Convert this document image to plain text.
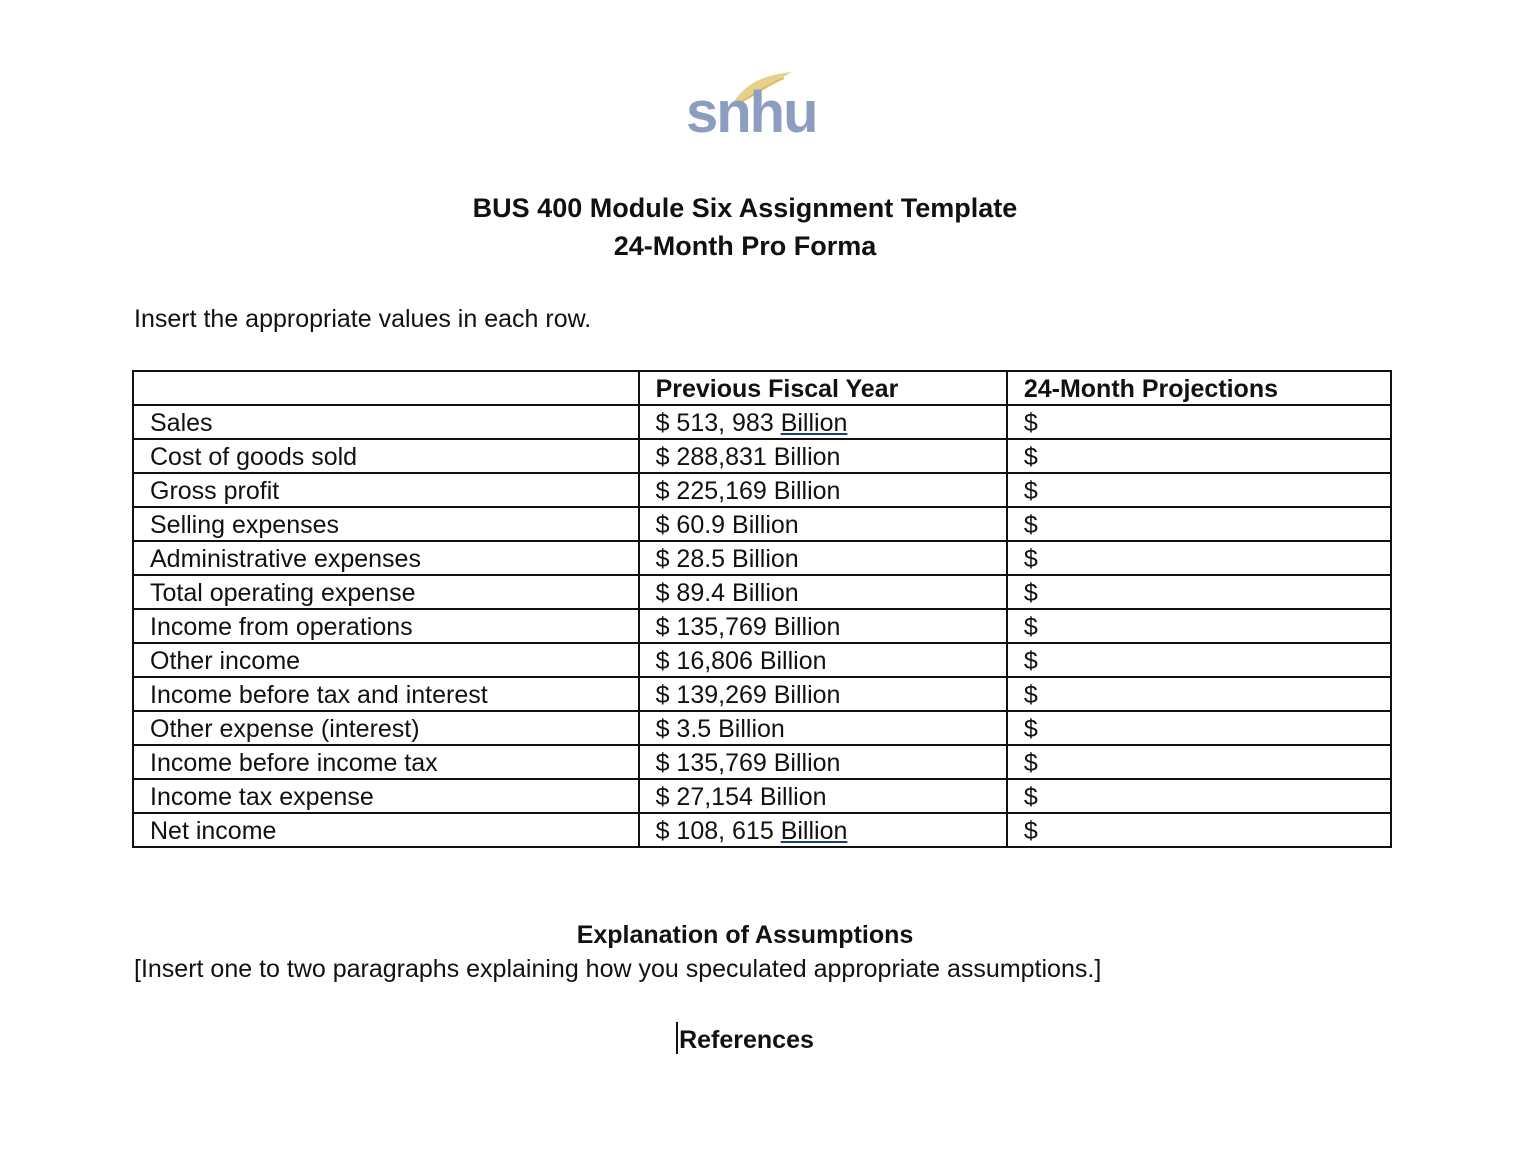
snhu
BUS 400 Module Six Assignment Template
24-Month Pro Forma
Insert the appropriate values in each row.
	Previous Fiscal Year	24-Month Projections
Sales	$ 513, 983 Billion	$
Cost of goods sold	$ 288,831 Billion	$
Gross profit	$ 225,169 Billion	$
Selling expenses	$ 60.9 Billion	$
Administrative expenses	$ 28.5 Billion	$
Total operating expense	$ 89.4 Billion	$
Income from operations	$ 135,769 Billion	$
Other income	$ 16,806 Billion	$
Income before tax and interest	$ 139,269 Billion	$
Other expense (interest)	$ 3.5 Billion	$
Income before income tax	$ 135,769 Billion	$
Income tax expense	$ 27,154 Billion	$
Net income	$ 108, 615 Billion	$
Explanation of Assumptions
[Insert one to two paragraphs explaining how you speculated appropriate assumptions.]
References
